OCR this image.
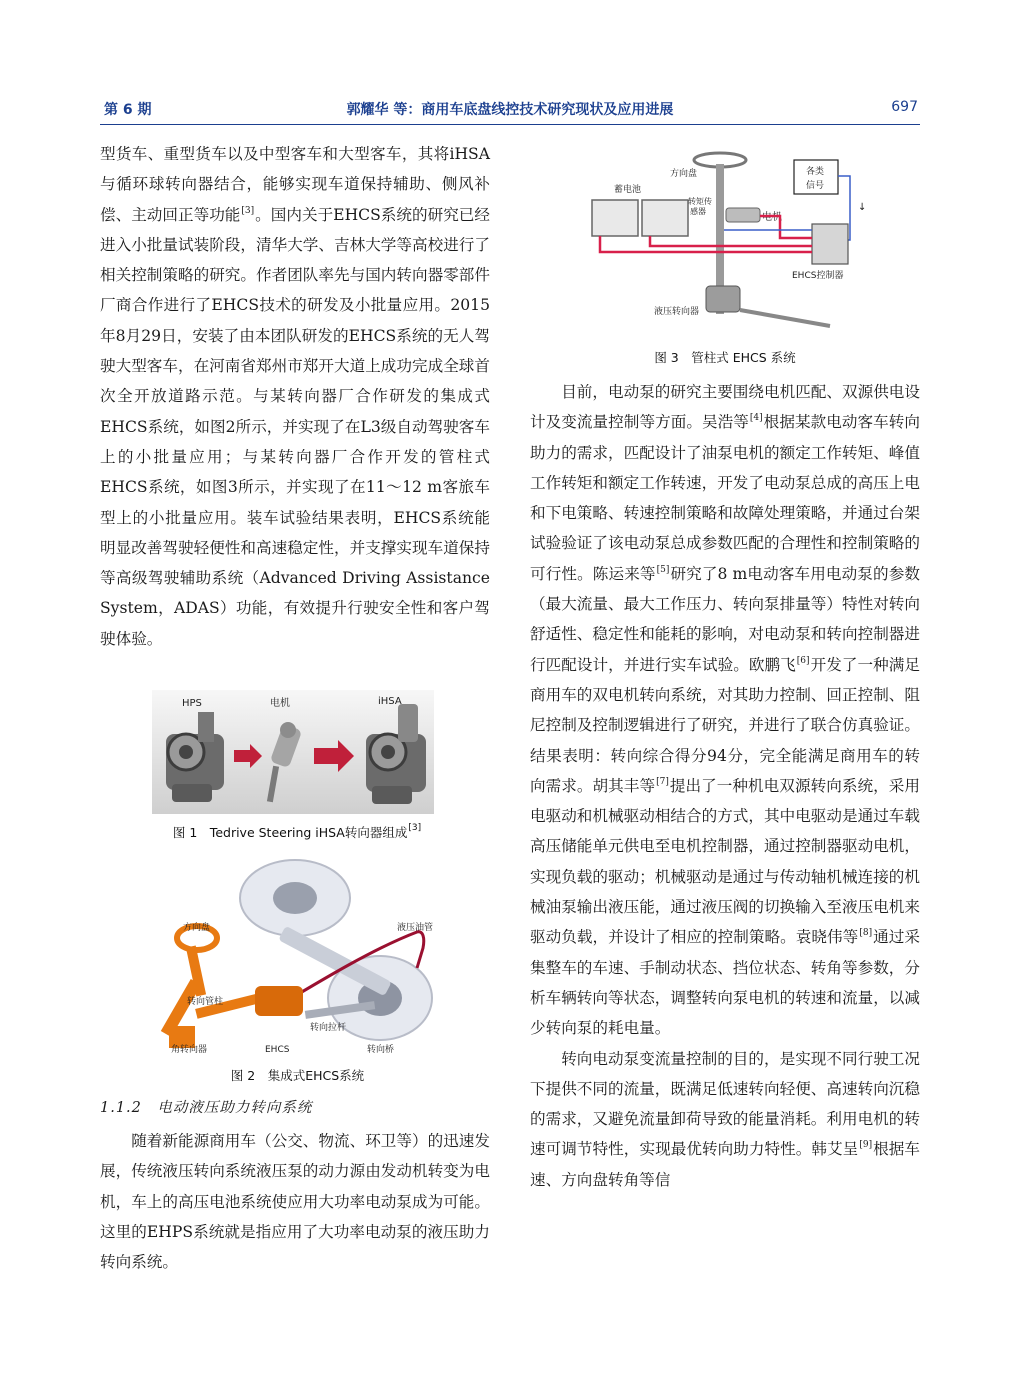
第 6 期	郭耀华 等：商用车底盘线控技术研究现状及应用进展	697

型货车、重型货车以及中型客车和大型客车，其将iHSA与循环球转向器结合，能够实现车道保持辅助、侧风补偿、主动回正等功能[3]。国内关于EHCS系统的研究已经进入小批量试装阶段，清华大学、吉林大学等高校进行了相关控制策略的研究。作者团队率先与国内转向器零部件厂商合作进行了EHCS技术的研发及小批量应用。2015年8月29日，安装了由本团队研发的EHCS系统的无人驾驶大型客车，在河南省郑州市郑开大道上成功完成全球首次全开放道路示范。与某转向器厂合作研发的集成式EHCS系统，如图2所示，并实现了在L3级自动驾驶客车上的小批量应用；与某转向器厂合作开发的管柱式EHCS系统，如图3所示，并实现了在11～12 m客旅车型上的小批量应用。装车试验结果表明，EHCS系统能明显改善驾驶轻便性和高速稳定性，并支撑实现车道保持等高级驾驶辅助系统（Advanced Driving Assistance System，ADAS）功能，有效提升行驶安全性和客户驾驶体验。

HPS	电机	iHSA
图 1　Tedrive Steering iHSA转向器组成[3]
方向盘	液压油管
转向管柱
转向拉杆
角转向器	EHCS	转向桥
图 2　集成式EHCS系统
1.1.2　电动液压助力转向系统

随着新能源商用车（公交、物流、环卫等）的迅速发展，传统液压转向系统液压泵的动力源由发动机转变为电机，车上的高压电池系统使应用大功率电动泵成为可能。这里的EHPS系统就是指应用了大功率电动泵的液压助力转向系统。

方向盘
蓄电池
各类
信号
↓
转矩传
感器
电机
EHCS控制器
液压转向器
图 3　管柱式 EHCS 系统

目前，电动泵的研究主要围绕电机匹配、双源供电设计及变流量控制等方面。吴浩等[4]根据某款电动客车转向助力的需求，匹配设计了油泵电机的额定工作转矩、峰值工作转矩和额定工作转速，开发了电动泵总成的高压上电和下电策略、转速控制策略和故障处理策略，并通过台架试验验证了该电动泵总成参数匹配的合理性和控制策略的可行性。陈运来等[5]研究了8 m电动客车用电动泵的参数（最大流量、最大工作压力、转向泵排量等）特性对转向舒适性、稳定性和能耗的影响，对电动泵和转向控制器进行匹配设计，并进行实车试验。欧鹏飞[6]开发了一种满足商用车的双电机转向系统，对其助力控制、回正控制、阻尼控制及控制逻辑进行了研究，并进行了联合仿真验证。结果表明：转向综合得分94分，完全能满足商用车的转向需求。胡其丰等[7]提出了一种机电双源转向系统，采用电驱动和机械驱动相结合的方式，其中电驱动是通过车载高压储能单元供电至电机控制器，通过控制器驱动电机，实现负载的驱动；机械驱动是通过与传动轴机械连接的机械油泵输出液压能，通过液压阀的切换输入至液压电机来驱动负载，并设计了相应的控制策略。袁晓伟等[8]通过采集整车的车速、手制动状态、挡位状态、转角等参数，分析车辆转向等状态，调整转向泵电机的转速和流量，以减少转向泵的耗电量。

转向电动泵变流量控制的目的，是实现不同行驶工况下提供不同的流量，既满足低速转向轻便、高速转向沉稳的需求，又避免流量卸荷导致的能量消耗。利用电机的转速可调节特性，实现最优转向助力特性。韩艾呈[9]根据车速、方向盘转角等信
